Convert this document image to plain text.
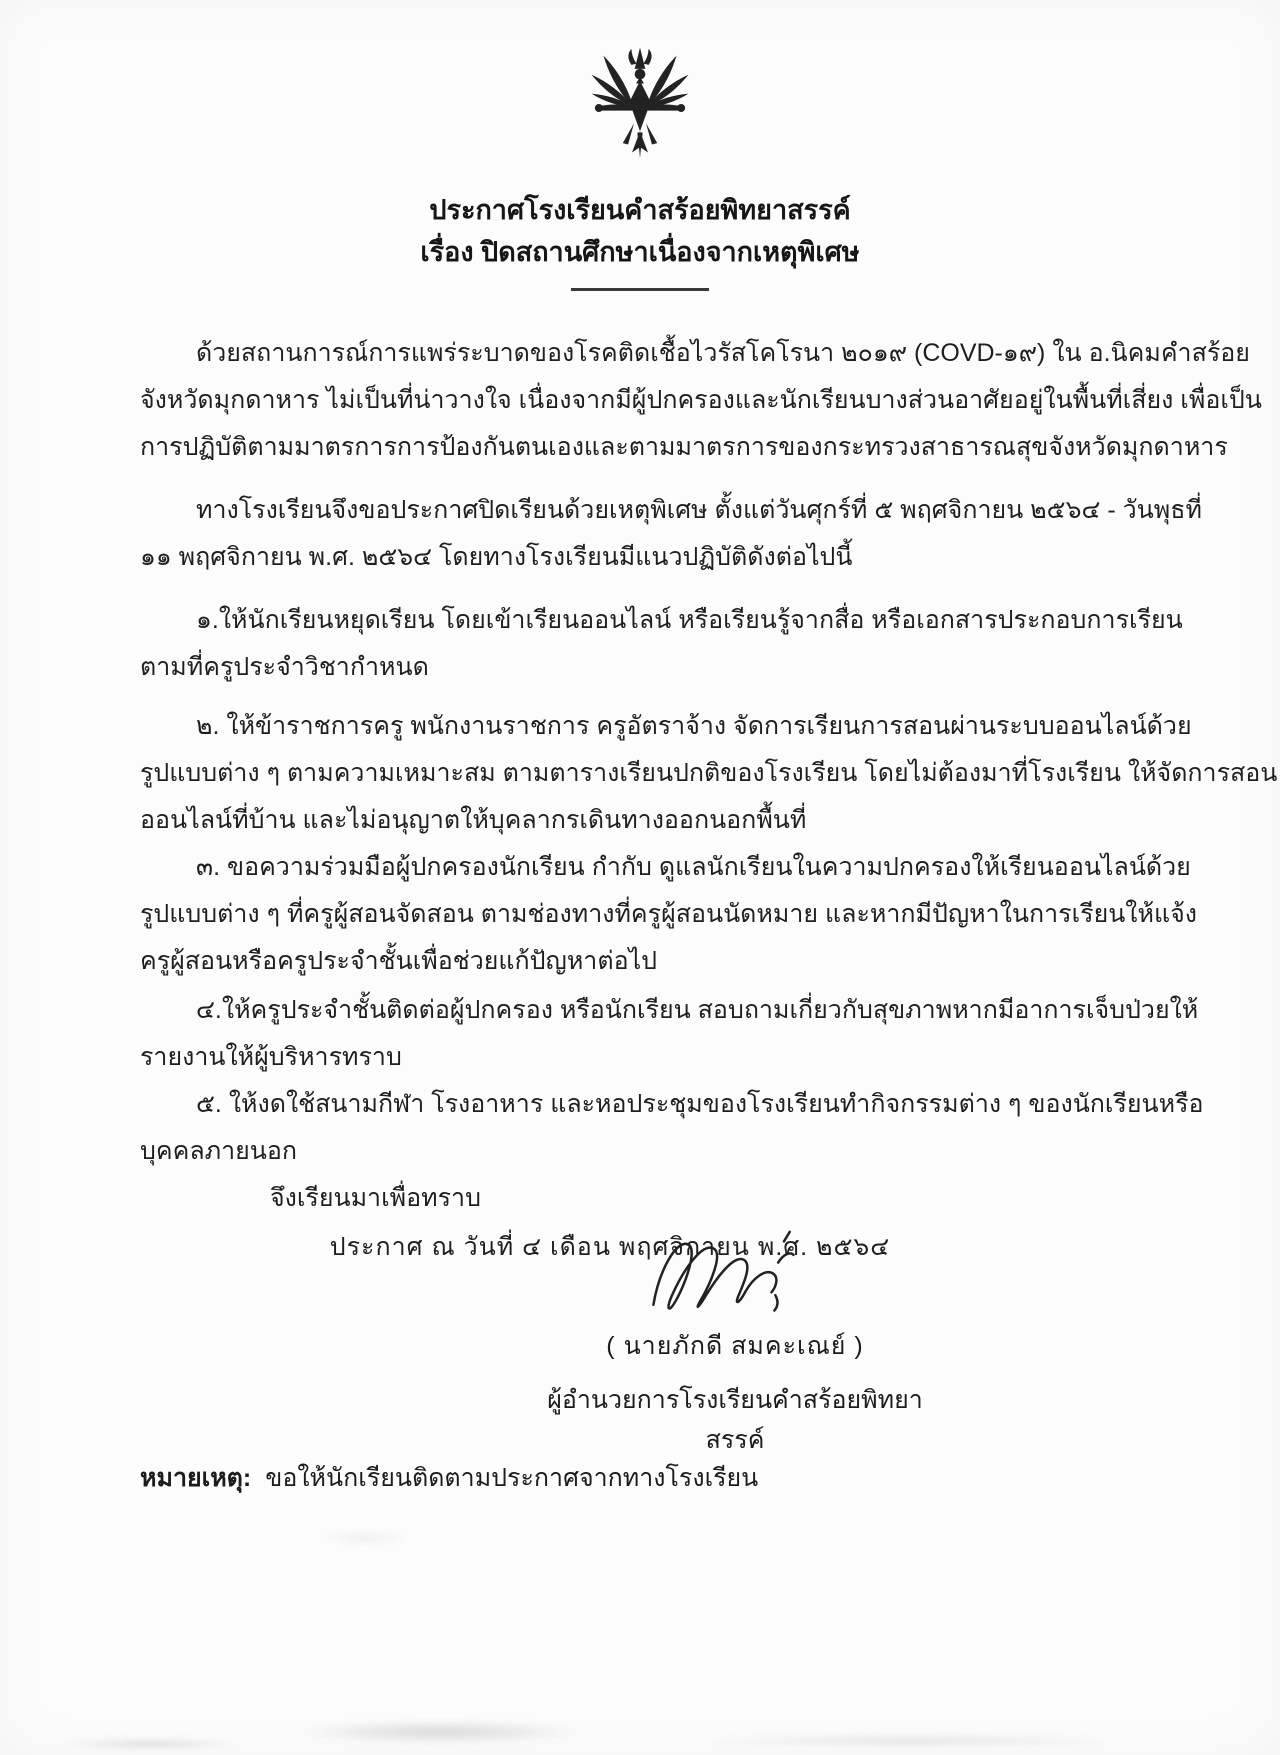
ประกาศโรงเรียนคำสร้อยพิทยาสรรค์
เรื่อง ปิดสถานศึกษาเนื่องจากเหตุพิเศษ
ด้วยสถานการณ์การแพร่ระบาดของโรคติดเชื้อไวรัสโคโรนา ๒๐๑๙ (COVD-๑๙) ใน อ.นิคมคำสร้อย
จังหวัดมุกดาหาร ไม่เป็นที่น่าวางใจ เนื่องจากมีผู้ปกครองและนักเรียนบางส่วนอาศัยอยู่ในพื้นที่เสี่ยง เพื่อเป็น
การปฏิบัติตามมาตรการการป้องกันตนเองและตามมาตรการของกระทรวงสาธารณสุขจังหวัดมุกดาหาร
ทางโรงเรียนจึงขอประกาศปิดเรียนด้วยเหตุพิเศษ ตั้งแต่วันศุกร์ที่ ๕ พฤศจิกายน ๒๕๖๔ - วันพุธที่
๑๑ พฤศจิกายน พ.ศ. ๒๕๖๔ โดยทางโรงเรียนมีแนวปฏิบัติดังต่อไปนี้
๑.ให้นักเรียนหยุดเรียน โดยเข้าเรียนออนไลน์ หรือเรียนรู้จากสื่อ หรือเอกสารประกอบการเรียน
ตามที่ครูประจำวิชากำหนด
๒. ให้ข้าราชการครู พนักงานราชการ ครูอัตราจ้าง จัดการเรียนการสอนผ่านระบบออนไลน์ด้วย
รูปแบบต่าง ๆ ตามความเหมาะสม ตามตารางเรียนปกติของโรงเรียน โดยไม่ต้องมาที่โรงเรียน ให้จัดการสอน
ออนไลน์ที่บ้าน และไม่อนุญาตให้บุคลากรเดินทางออกนอกพื้นที่
๓. ขอความร่วมมือผู้ปกครองนักเรียน กำกับ ดูแลนักเรียนในความปกครองให้เรียนออนไลน์ด้วย
รูปแบบต่าง ๆ ที่ครูผู้สอนจัดสอน ตามช่องทางที่ครูผู้สอนนัดหมาย และหากมีปัญหาในการเรียนให้แจ้ง
ครูผู้สอนหรือครูประจำชั้นเพื่อช่วยแก้ปัญหาต่อไป
๔.ให้ครูประจำชั้นติดต่อผู้ปกครอง หรือนักเรียน สอบถามเกี่ยวกับสุขภาพหากมีอาการเจ็บป่วยให้
รายงานให้ผู้บริหารทราบ
๕. ให้งดใช้สนามกีฬา โรงอาหาร และหอประชุมของโรงเรียนทำกิจกรรมต่าง ๆ ของนักเรียนหรือ
บุคคลภายนอก
จึงเรียนมาเพื่อทราบ
ประกาศ ณ วันที่ ๔ เดือน พฤศจิกายน พ.ศ. ๒๕๖๔
( นายภักดี สมคะเณย์ )
ผู้อำนวยการโรงเรียนคำสร้อยพิทยาสรรค์
หมายเหตุ: ขอให้นักเรียนติดตามประกาศจากทางโรงเรียน
